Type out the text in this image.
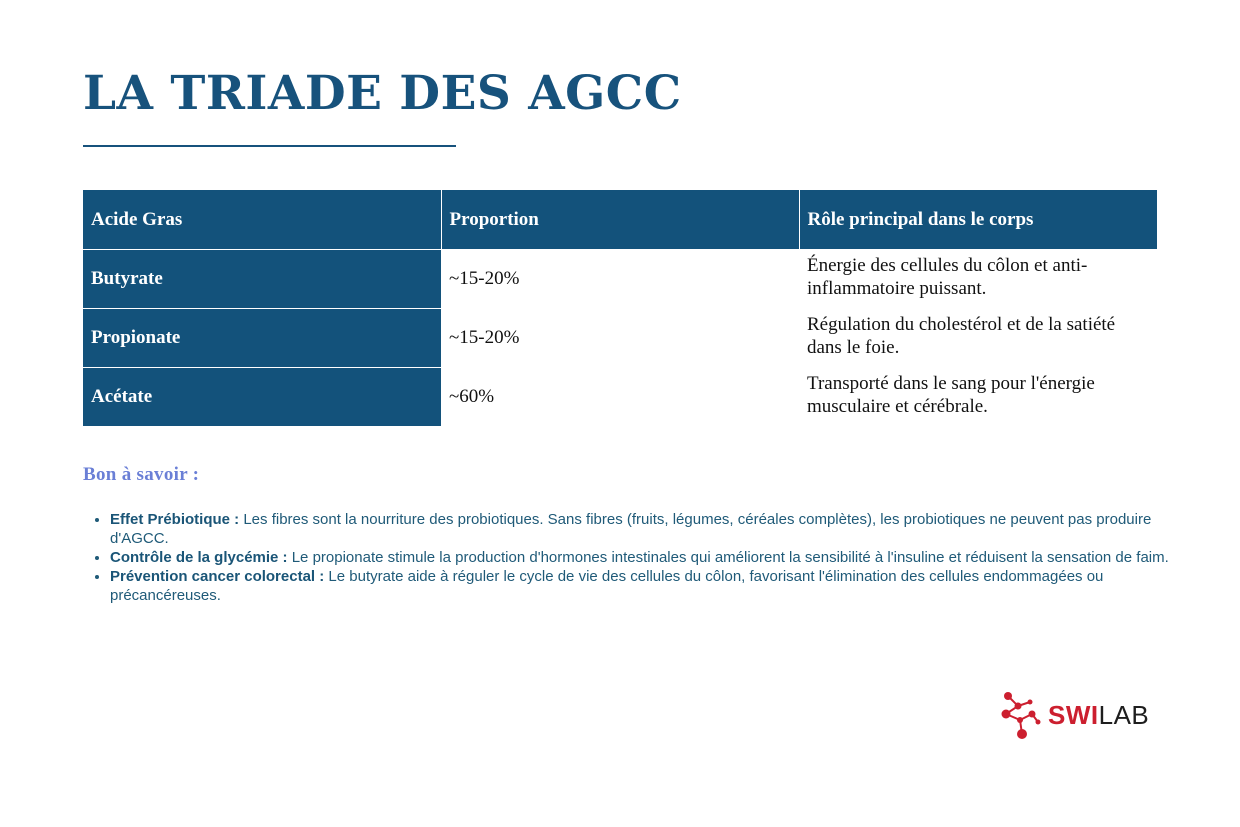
LA TRIADE DES AGCC
Acide Gras	Proportion	Rôle principal dans le corps
Butyrate	~15-20%	Énergie des cellules du côlon et anti-inflammatoire puissant.
Propionate	~15-20%	Régulation du cholestérol et de la satiété dans le foie.
Acétate	~60%	Transporté dans le sang pour l'énergie musculaire et cérébrale.
Bon à savoir :
• Effet Prébiotique : Les fibres sont la nourriture des probiotiques. Sans fibres (fruits, légumes, céréales complètes), les probiotiques ne peuvent pas produire d'AGCC.
• Contrôle de la glycémie : Le propionate stimule la production d'hormones intestinales qui améliorent la sensibilité à l'insuline et réduisent la sensation de faim.
• Prévention cancer colorectal : Le butyrate aide à réguler le cycle de vie des cellules du côlon, favorisant l'élimination des cellules endommagées ou précancéreuses.
SWILAB
